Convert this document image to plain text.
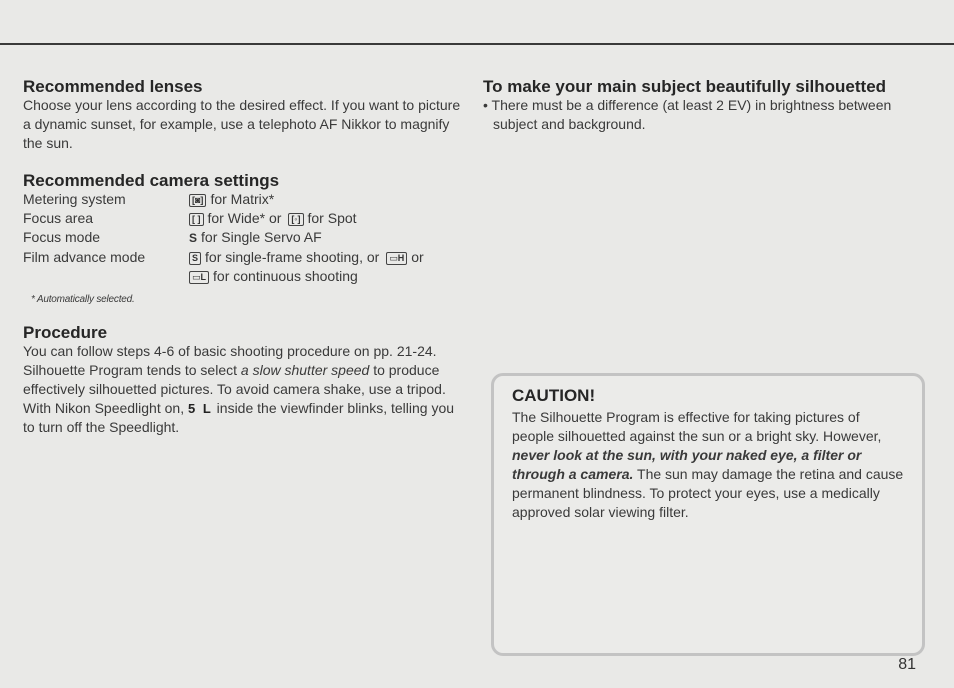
Recommended lenses

Choose your lens according to the desired effect. If you want to picture a dynamic sunset, for example, use a telephoto AF Nikkor to magnify the sun.

Recommended camera settings
Metering system	[◙] for Matrix*
Focus area	[ ] for Wide* or [◦] for Spot
Focus mode	S for Single Servo AF
Film advance mode	S for single-frame shooting, or ▭H or
▭L for continuous shooting
* Automatically selected.
Procedure

You can follow steps 4-6 of basic shooting procedure on pp. 21-24.

Silhouette Program tends to select a slow shutter speed to produce effectively silhouetted pictures. To avoid camera shake, use a tripod.

With Nikon Speedlight on, 5 L inside the viewfinder blinks, telling you to turn off the Speedlight.

To make your main subject beautifully silhouetted

• There must be a difference (at least 2 EV) in brightness between subject and background.

CAUTION!

The Silhouette Program is effective for taking pictures of people silhouetted against the sun or a bright sky. However, never look at the sun, with your naked eye, a filter or through a camera. The sun may damage the retina and cause permanent blindness. To protect your eyes, use a medically approved solar viewing filter.

81
